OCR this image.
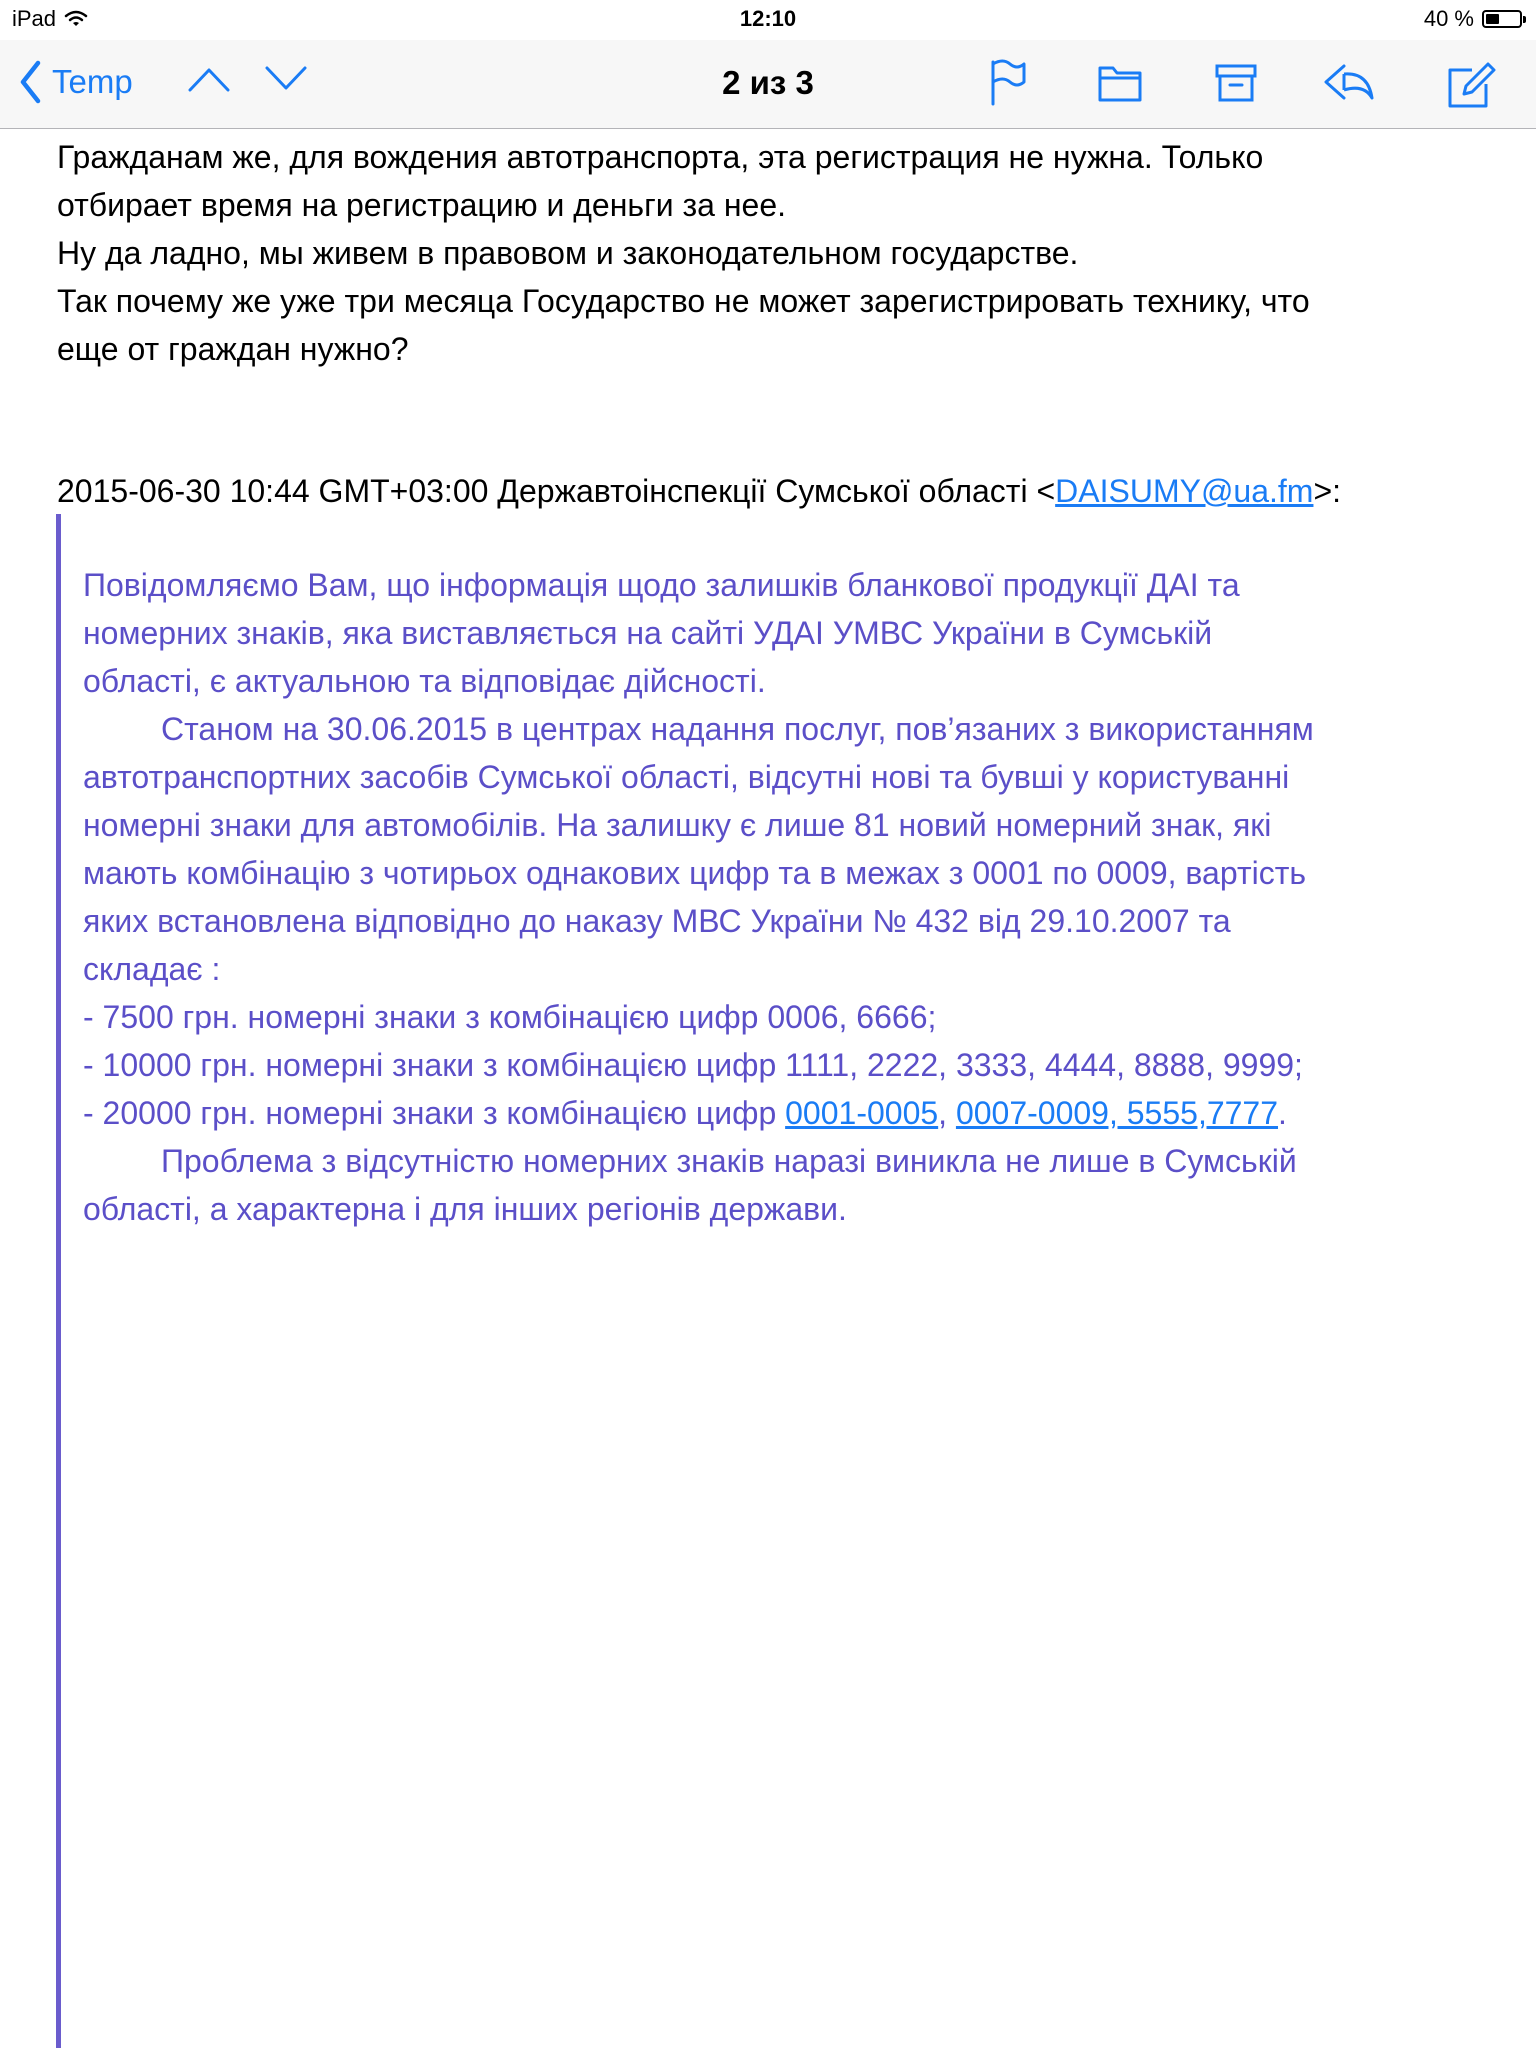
iPad	12:10	40 %
Temp	2 из 3
Гражданам же, для вождения автотранспорта, эта регистрация не нужна. Только
отбирает время на регистрацию и деньги за нее.
Ну да ладно, мы живем в правовом и законодательном государстве.
Так почему же уже три месяца Государство не может зарегистрировать технику, что
еще от граждан нужно?
2015-06-30 10:44 GMT+03:00 Державтоінспекції Сумської області <DAISUMY@ua.fm>:
Повідомляємо Вам, що інформація щодо залишків бланкової продукції ДАІ та
номерних знаків, яка виставляється на сайті УДАІ УМВС України в Сумській
області, є актуальною та відповідає дійсності.
Станом на 30.06.2015 в центрах надання послуг, пов’язаних з використанням
автотранспортних засобів Сумської області, відсутні нові та бувші у користуванні
номерні знаки для автомобілів. На залишку є лише 81 новий номерний знак, які
мають комбінацію з чотирьох однакових цифр та в межах з 0001 по 0009, вартість
яких встановлена відповідно до наказу МВС України № 432 від 29.10.2007 та
складає :
- 7500 грн. номерні знаки з комбінацією цифр 0006, 6666;
- 10000 грн. номерні знаки з комбінацією цифр 1111, 2222, 3333, 4444, 8888, 9999;
- 20000 грн. номерні знаки з комбінацією цифр 0001-0005, 0007-0009, 5555,7777.
Проблема з відсутністю номерних знаків наразі виникла не лише в Сумській
області, а характерна і для інших регіонів держави.
